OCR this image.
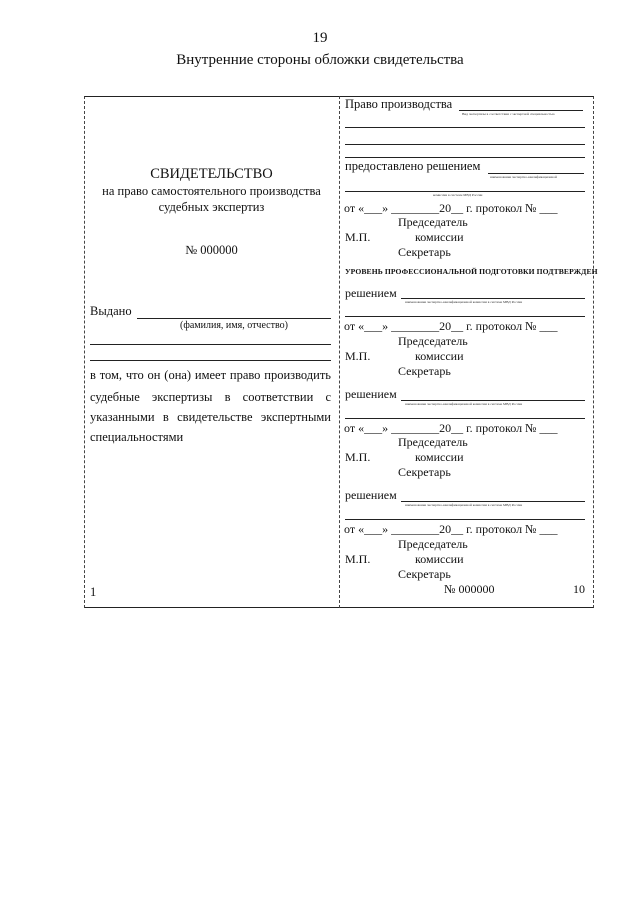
19
Внутренние стороны обложки свидетельства
СВИДЕТЕЛЬСТВО
на право самостоятельного производства
судебных экспертиз
№ 000000
Выдано
(фамилия, имя, отчество)
в том, что он (она) имеет право производить
судебные экспертизы в соответствии с
указанными в свидетельстве экспертными
специальностями
1
Право производства
Вид экспертизы в соответствии с экспертной специальностью
предоставлено решением
наименование экспертно-квалификационной
комиссии в системе МВД России
от «___» ________20__ г. протокол № ___
Председатель
М.П.	комиссии
Секретарь
УРОВЕНЬ ПРОФЕССИОНАЛЬНОЙ ПОДГОТОВКИ ПОДТВЕРЖДЕН
решением
наименование экспертно-квалификационной комиссии в системе МВД России
от «___» ________20__ г. протокол № ___
Председатель
М.П.	комиссии
Секретарь
решением
наименование экспертно-квалификационной комиссии в системе МВД России
от «___» ________20__ г. протокол № ___
Председатель
М.П.	комиссии
Секретарь
решением
наименование экспертно-квалификационной комиссии в системе МВД России
от «___» ________20__ г. протокол № ___
Председатель
М.П.	комиссии
Секретарь
№ 000000	10
